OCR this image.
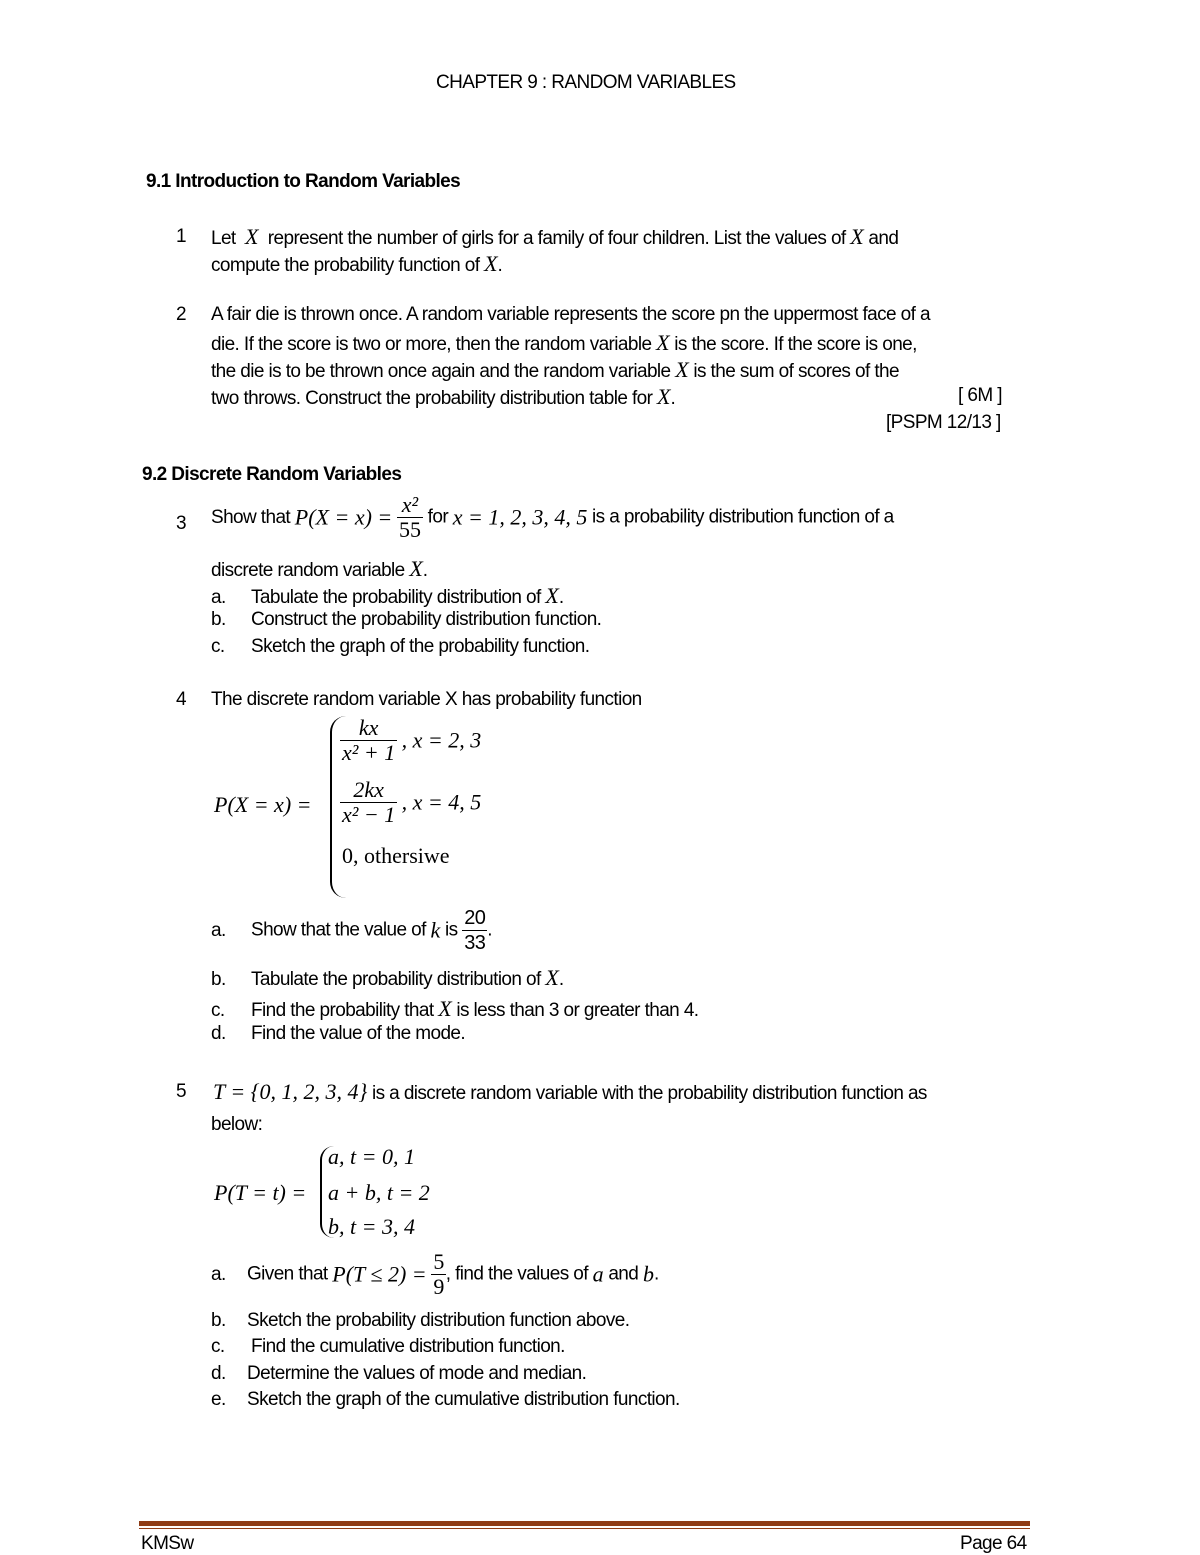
CHAPTER 9 : RANDOM VARIABLES
9.1 Introduction to Random Variables
1 Let X represent the number of girls for a family of four children. List the values of X and
compute the probability function of X.
2 A fair die is thrown once. A random variable represents the score pn the uppermost face of a
die. If the score is two or more, then the random variable X is the score. If the score is one,
the die is to be thrown once again and the random variable X is the sum of scores of the
two throws. Construct the probability distribution table for X.	[ 6M ]
[PSPM 12/13 ]
9.2 Discrete Random Variables
3 Show that $P(X = x) = \frac{\text{x²}}{55}$ for x = 1, 2, 3, 4, 5 is a probability distribution function of a
discrete random variable X.
a. Tabulate the probability distribution of X.
b. Construct the probability distribution function.
c. Sketch the graph of the probability function.
4 The discrete random variable X has probability function
P(X = x) =
$\frac{kx}{\text{x² + 1}}$ , x = 2, 3
$\frac{2kx}{\text{x² − 1}}$ , x = 4, 5
0, othersiwe
a. Show that the value of k is $\frac{20}{33}$ .
b. Tabulate the probability distribution of X.
c. Find the probability that X is less than 3 or greater than 4.
d. Find the value of the mode.
5 T = {0, 1, 2, 3, 4} is a discrete random variable with the probability distribution function as
below:
P(T = t) =
a, t = 0, 1
a + b, t = 2
b, t = 3, 4
a. Given that $P(T \le 2) = \frac{5}{9}$ , find the values of a and b.
b. Sketch the probability distribution function above.
c. Find the cumulative distribution function.
d. Determine the values of mode and median.
e. Sketch the graph of the cumulative distribution function.
KMSw	Page 64
